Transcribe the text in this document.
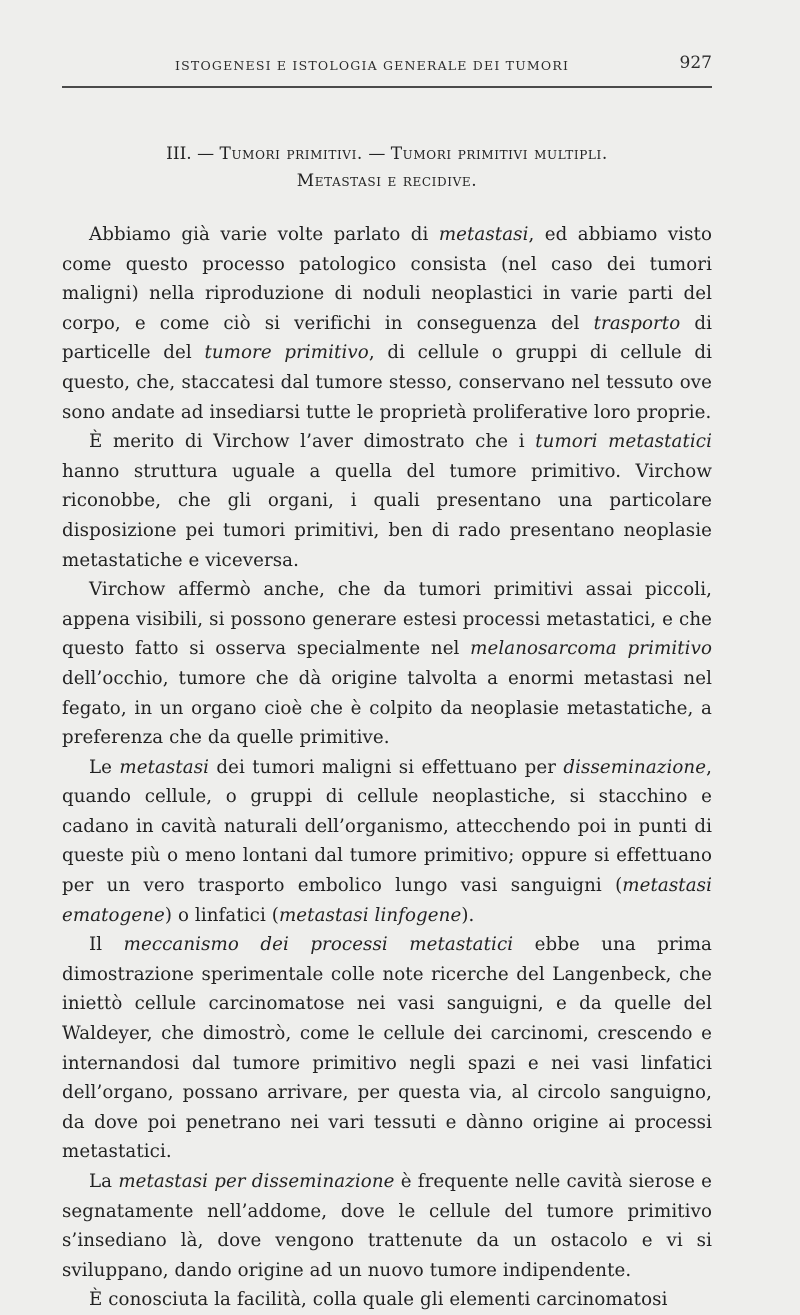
ISTOGENESI E ISTOLOGIA GENERALE DEI TUMORI	927
III. — Tumori primitivi. — Tumori primitivi multipli.
Metastasi e recidive.

Abbiamo già varie volte parlato di metastasi, ed abbiamo visto come questo processo patologico consista (nel caso dei tumori maligni) nella riproduzione di noduli neoplastici in varie parti del corpo, e come ciò si verifichi in conseguenza del trasporto di particelle del tumore primitivo, di cellule o gruppi di cellule di questo, che, staccatesi dal tumore stesso, conservano nel tessuto ove sono andate ad insediarsi tutte le proprietà proliferative loro proprie.

È merito di Virchow l’aver dimostrato che i tumori metastatici hanno struttura uguale a quella del tumore primitivo. Virchow riconobbe, che gli organi, i quali presentano una particolare disposizione pei tumori primitivi, ben di rado presentano neoplasie metastatiche e viceversa.

Virchow affermò anche, che da tumori primitivi assai piccoli, appena visibili, si possono generare estesi processi metastatici, e che questo fatto si osserva specialmente nel melanosarcoma primitivo dell’occhio, tumore che dà origine talvolta a enormi metastasi nel fegato, in un organo cioè che è colpito da neoplasie metastatiche, a preferenza che da quelle primitive.

Le metastasi dei tumori maligni si effettuano per disseminazione, quando cellule, o gruppi di cellule neoplastiche, si stacchino e cadano in cavità naturali dell’organismo, attecchendo poi in punti di queste più o meno lontani dal tumore primitivo; oppure si effettuano per un vero trasporto embolico lungo vasi sanguigni (metastasi ematogene) o linfatici (metastasi linfogene).

Il meccanismo dei processi metastatici ebbe una prima dimostrazione sperimentale colle note ricerche del Langenbeck, che iniettò cellule carcinomatose nei vasi sanguigni, e da quelle del Waldeyer, che dimostrò, come le cellule dei carcinomi, crescendo e internandosi dal tumore primitivo negli spazi e nei vasi linfatici dell’organo, possano arrivare, per questa via, al circolo sanguigno, da dove poi penetrano nei vari tessuti e dànno origine ai processi metastatici.

La metastasi per disseminazione è frequente nelle cavità sierose e segnatamente nell’addome, dove le cellule del tumore primitivo s’insediano là, dove vengono trattenute da un ostacolo e vi si sviluppano, dando origine ad un nuovo tumore indipendente.

È conosciuta la facilità, colla quale gli elementi carcinomatosi
